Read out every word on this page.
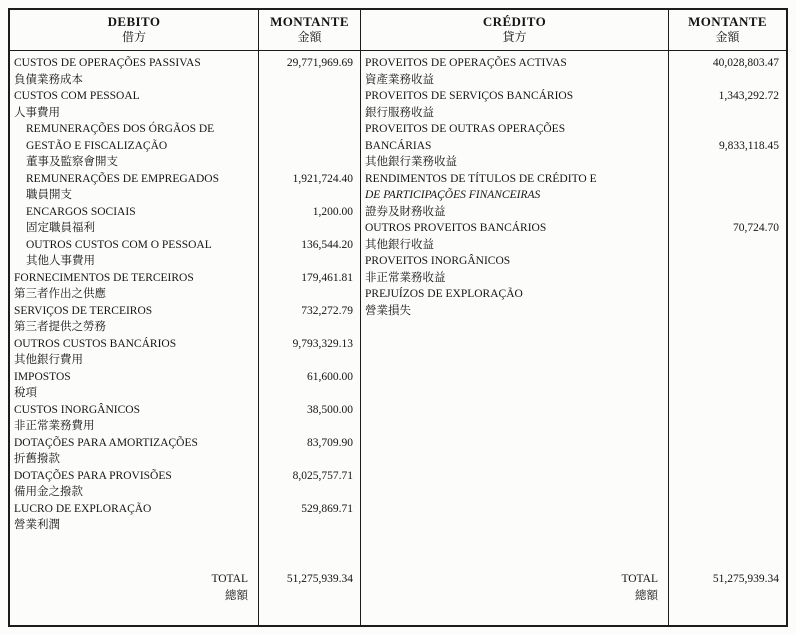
DEBITO
借方
MONTANTE
金額
CRÉDITO
貸方
MONTANTE
金額
CUSTOS DE OPERAÇÕES PASSIVAS
負債業務成本
CUSTOS COM PESSOAL
人事費用
REMUNERAÇÕES DOS ÓRGÃOS DE
GESTÃO E FISCALIZAÇÃO
董事及監察會開支
REMUNERAÇÕES DE EMPREGADOS
職員開支
ENCARGOS SOCIAIS
固定職員福利
OUTROS CUSTOS COM O PESSOAL
其他人事費用
FORNECIMENTOS DE TERCEIROS
第三者作出之供應
SERVIÇOS DE TERCEIROS
第三者提供之勞務
OUTROS CUSTOS BANCÁRIOS
其他銀行費用
IMPOSTOS
稅項
CUSTOS INORGÂNICOS
非正常業務費用
DOTAÇÕES PARA AMORTIZAÇÕES
折舊撥款
DOTAÇÕES PARA PROVISÕES
備用金之撥款
LUCRO DE EXPLORAÇÃO
營業利潤
TOTAL
總額
29,771,969.69
1,921,724.40
1,200.00
136,544.20
179,461.81
732,272.79
9,793,329.13
61,600.00
38,500.00
83,709.90
8,025,757.71
529,869.71
51,275,939.34
PROVEITOS DE OPERAÇÕES ACTIVAS
資產業務收益
PROVEITOS DE SERVIÇOS BANCÁRIOS
銀行服務收益
PROVEITOS DE OUTRAS OPERAÇÕES
BANCÁRIAS
其他銀行業務收益
RENDIMENTOS DE TÍTULOS DE CRÉDITO E
DE PARTICIPAÇÕES FINANCEIRAS
證券及財務收益
OUTROS PROVEITOS BANCÁRIOS
其他銀行收益
PROVEITOS INORGÂNICOS
非正常業務收益
PREJUÍZOS DE EXPLORAÇÃO
營業損失
TOTAL
總額
40,028,803.47
1,343,292.72
9,833,118.45
70,724.70
51,275,939.34
